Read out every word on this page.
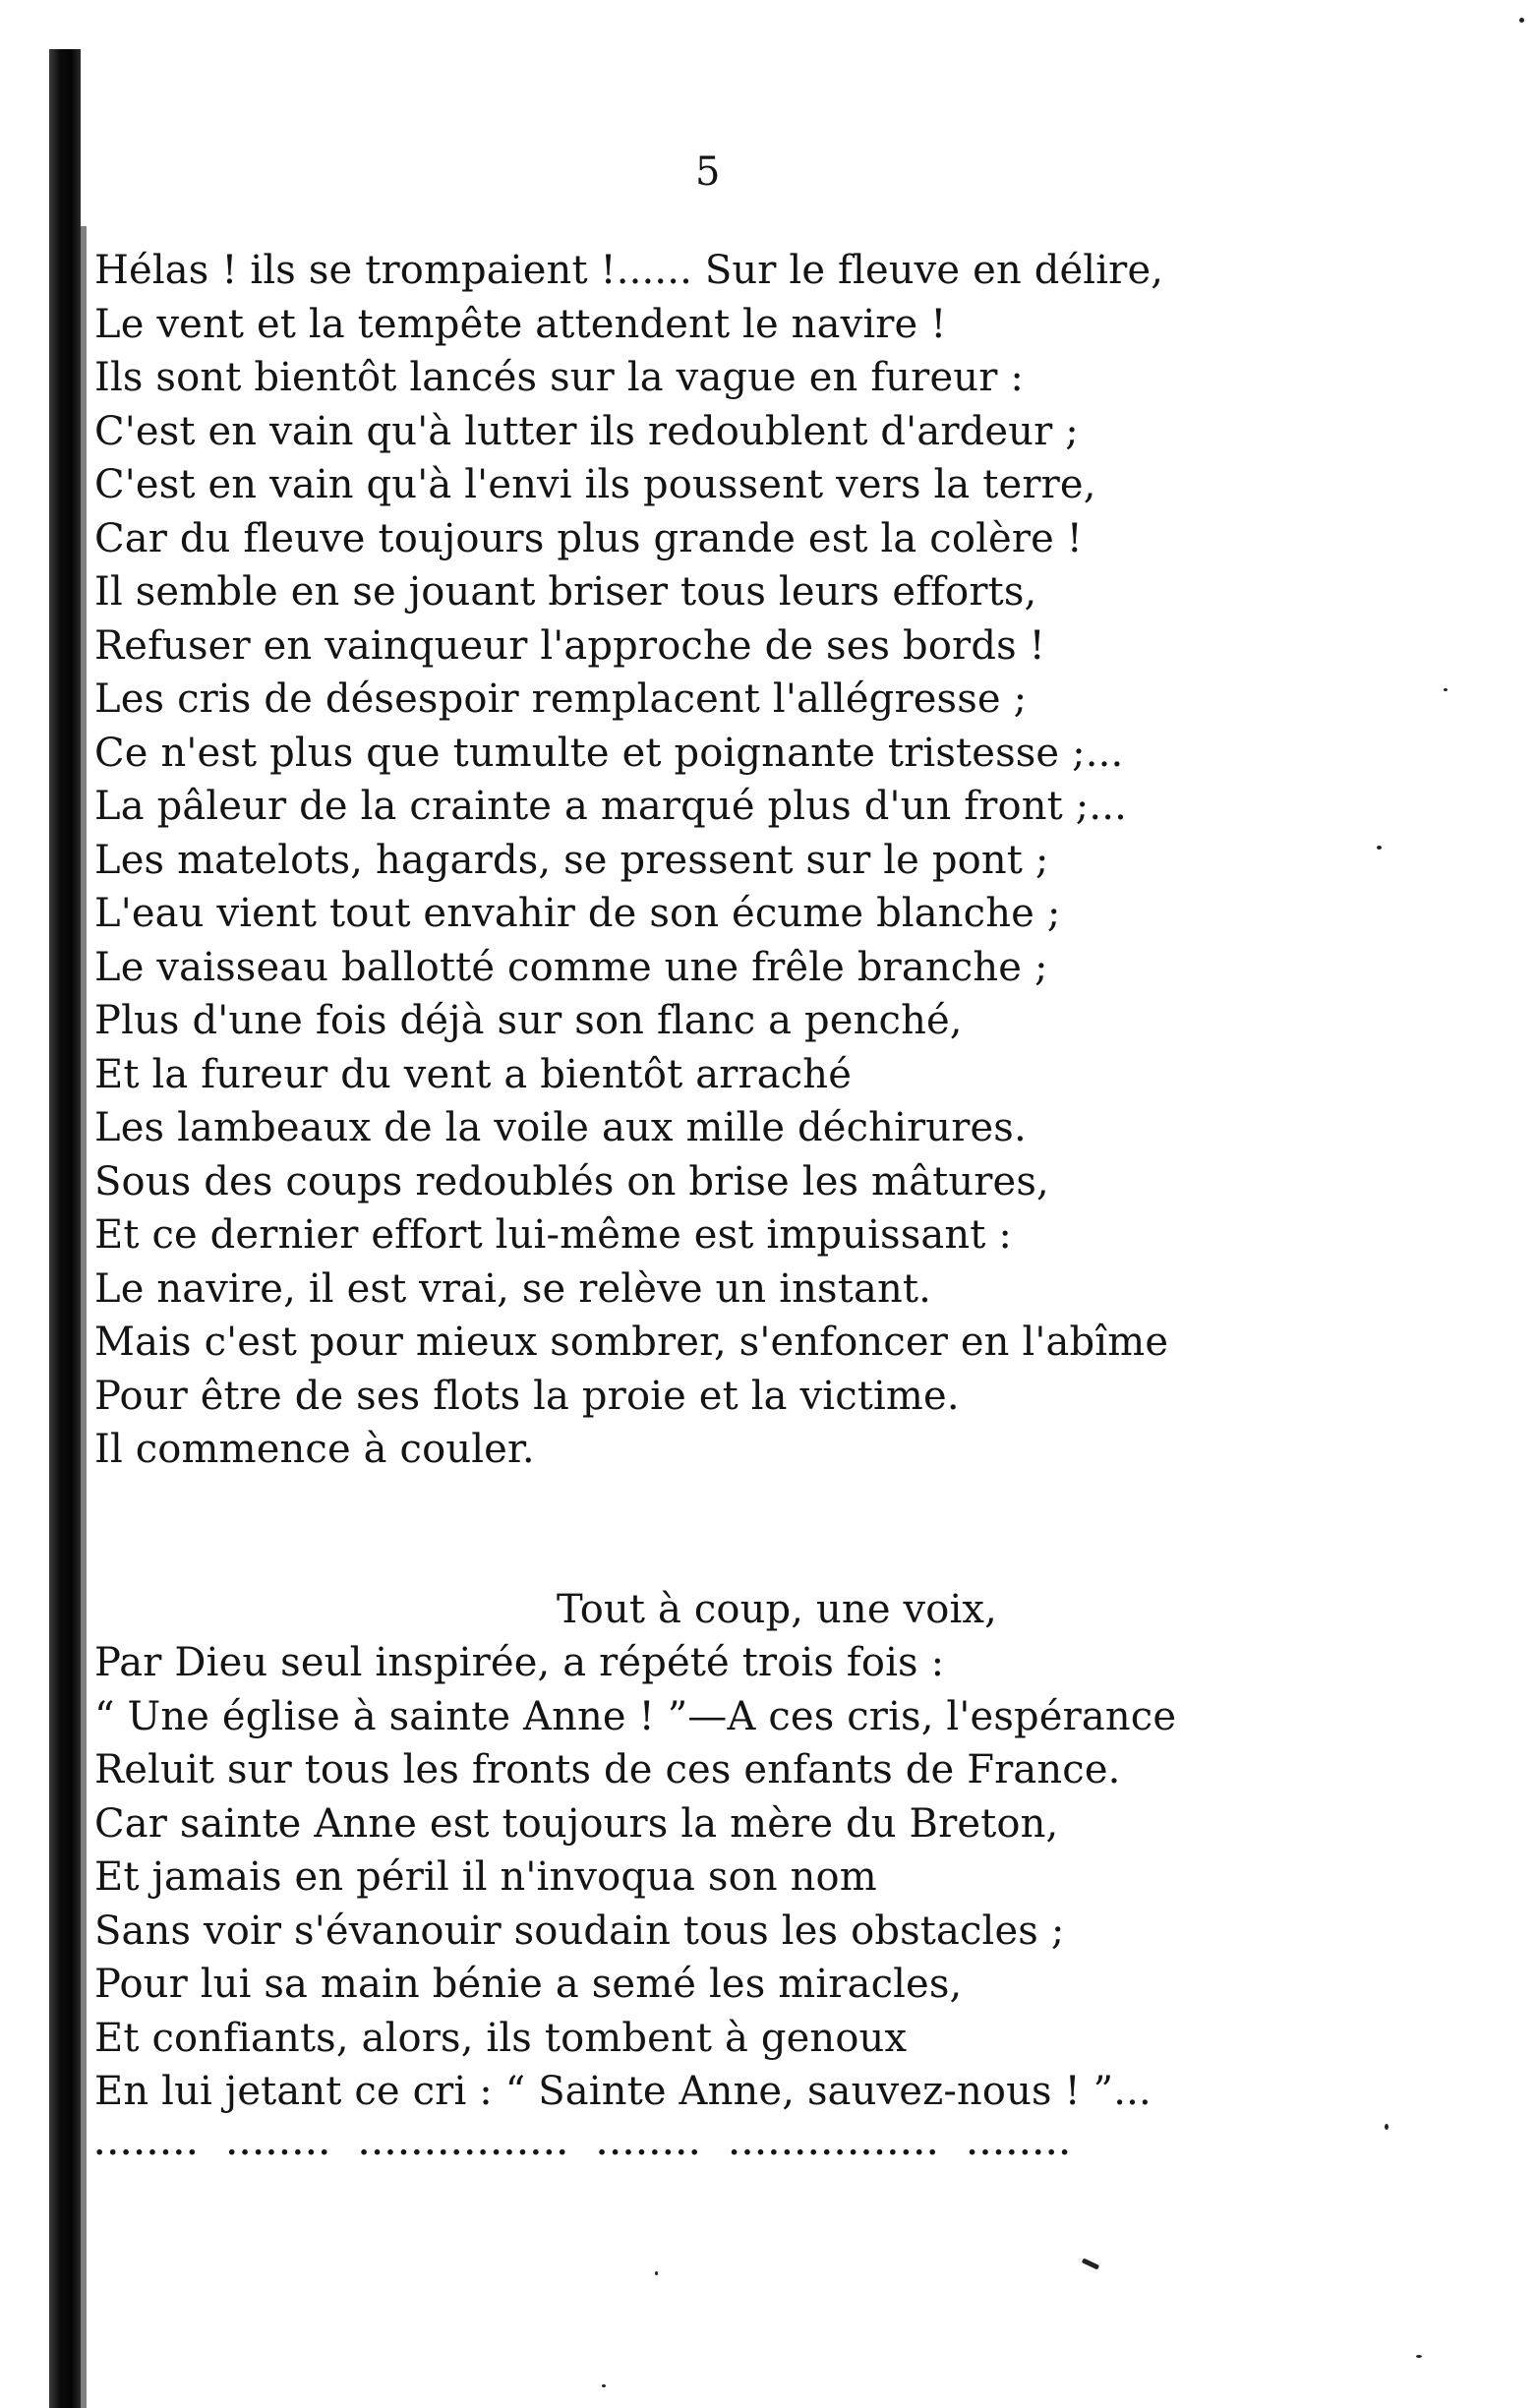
5
Hélas ! ils se trompaient !...... Sur le fleuve en délire,
Le vent et la tempête attendent le navire !
Ils sont bientôt lancés sur la vague en fureur :
C'est en vain qu'à lutter ils redoublent d'ardeur ;
C'est en vain qu'à l'envi ils poussent vers la terre,
Car du fleuve toujours plus grande est la colère !
Il semble en se jouant briser tous leurs efforts,
Refuser en vainqueur l'approche de ses bords !
Les cris de désespoir remplacent l'allégresse ;
Ce n'est plus que tumulte et poignante tristesse ;...
La pâleur de la crainte a marqué plus d'un front ;...
Les matelots, hagards, se pressent sur le pont ;
L'eau vient tout envahir de son écume blanche ;
Le vaisseau ballotté comme une frêle branche ;
Plus d'une fois déjà sur son flanc a penché,
Et la fureur du vent a bientôt arraché
Les lambeaux de la voile aux mille déchirures.
Sous des coups redoublés on brise les mâtures,
Et ce dernier effort lui-même est impuissant :
Le navire, il est vrai, se relève un instant.
Mais c'est pour mieux sombrer, s'enfoncer en l'abîme
Pour être de ses flots la proie et la victime.
Il commence à couler.
Tout à coup, une voix,
Par Dieu seul inspirée, a répété trois fois :
“ Une église à sainte Anne ! ”—A ces cris, l'espérance
Reluit sur tous les fronts de ces enfants de France.
Car sainte Anne est toujours la mère du Breton,
Et jamais en péril il n'invoqua son nom
Sans voir s'évanouir soudain tous les obstacles ;
Pour lui sa main bénie a semé les miracles,
Et confiants, alors, ils tombent à genoux
En lui jetant ce cri : “ Sainte Anne, sauvez-nous ! ”...
........  ........  ................  ........  ................  ........
